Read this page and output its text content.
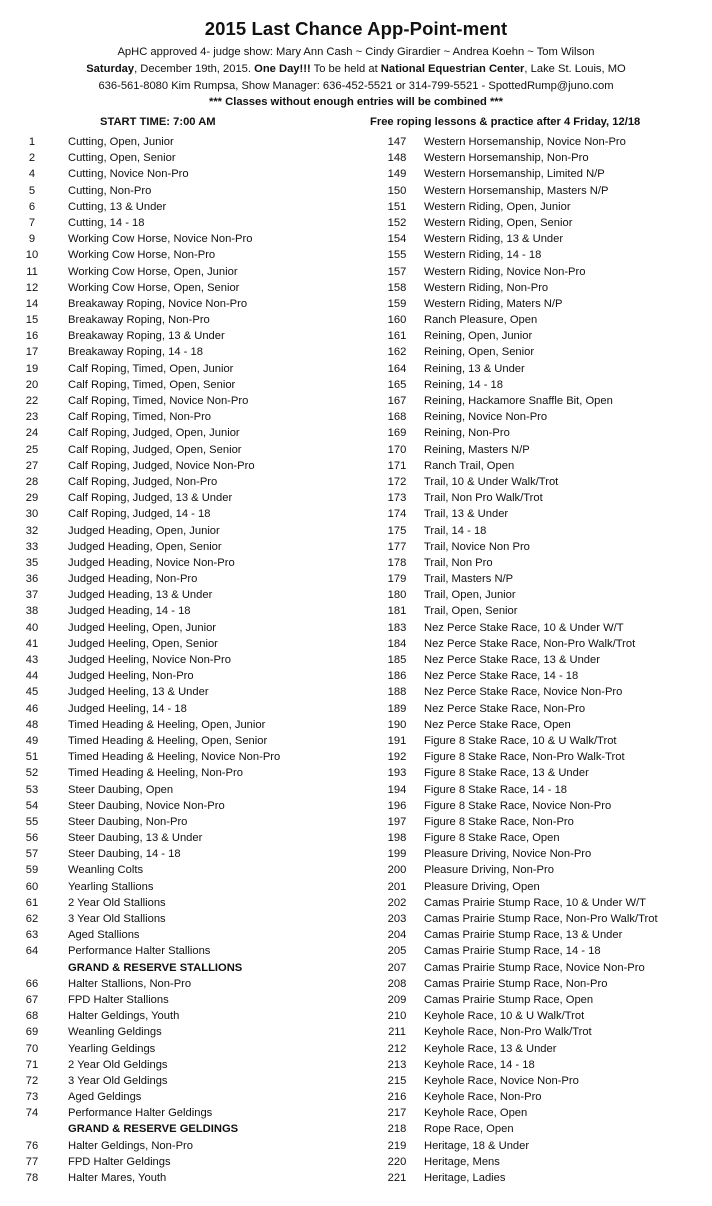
2015 Last Chance App-Point-ment
ApHC approved 4- judge show: Mary Ann Cash ~ Cindy Girardier ~ Andrea Koehn ~ Tom Wilson
Saturday, December 19th, 2015. One Day!!! To be held at National Equestrian Center, Lake St. Louis, MO
636-561-8080 Kim Rumpsa, Show Manager: 636-452-5521 or 314-799-5521 - SpottedRump@juno.com
*** Classes without enough entries will be combined ***
START TIME: 7:00 AM	Free roping lessons & practice after 4 Friday, 12/18
1	Cutting, Open, Junior
2	Cutting, Open, Senior
4	Cutting, Novice Non-Pro
5	Cutting, Non-Pro
6	Cutting, 13 & Under
7	Cutting, 14 - 18
9	Working Cow Horse, Novice Non-Pro
10	Working Cow Horse, Non-Pro
11	Working Cow Horse, Open, Junior
12	Working Cow Horse, Open, Senior
14	Breakaway Roping, Novice Non-Pro
15	Breakaway Roping, Non-Pro
16	Breakaway Roping, 13 & Under
17	Breakaway Roping, 14 - 18
19	Calf Roping, Timed, Open, Junior
20	Calf Roping, Timed, Open, Senior
22	Calf Roping, Timed, Novice Non-Pro
23	Calf Roping, Timed, Non-Pro
24	Calf Roping, Judged, Open, Junior
25	Calf Roping, Judged, Open, Senior
27	Calf Roping, Judged, Novice Non-Pro
28	Calf Roping, Judged, Non-Pro
29	Calf Roping, Judged, 13 & Under
30	Calf Roping, Judged, 14 - 18
32	Judged Heading, Open, Junior
33	Judged Heading, Open, Senior
35	Judged Heading, Novice Non-Pro
36	Judged Heading, Non-Pro
37	Judged Heading, 13 & Under
38	Judged Heading, 14 - 18
40	Judged Heeling, Open, Junior
41	Judged Heeling, Open, Senior
43	Judged Heeling, Novice Non-Pro
44	Judged Heeling, Non-Pro
45	Judged Heeling, 13 & Under
46	Judged Heeling, 14 - 18
48	Timed Heading & Heeling, Open, Junior
49	Timed Heading & Heeling, Open, Senior
51	Timed Heading & Heeling, Novice Non-Pro
52	Timed Heading & Heeling, Non-Pro
53	Steer Daubing, Open
54	Steer Daubing, Novice Non-Pro
55	Steer Daubing, Non-Pro
56	Steer Daubing, 13 & Under
57	Steer Daubing, 14 - 18
59	Weanling Colts
60	Yearling Stallions
61	2 Year Old Stallions
62	3 Year Old Stallions
63	Aged Stallions
64	Performance Halter Stallions
GRAND & RESERVE STALLIONS
66	Halter Stallions, Non-Pro
67	FPD Halter Stallions
68	Halter Geldings, Youth
69	Weanling Geldings
70	Yearling Geldings
71	2 Year Old Geldings
72	3 Year Old Geldings
73	Aged Geldings
74	Performance Halter Geldings
GRAND & RESERVE GELDINGS
76	Halter Geldings, Non-Pro
77	FPD Halter Geldings
78	Halter Mares, Youth
147	Western Horsemanship, Novice Non-Pro
148	Western Horsemanship, Non-Pro
149	Western Horsemanship, Limited N/P
150	Western Horsemanship, Masters N/P
151	Western Riding, Open, Junior
152	Western Riding, Open, Senior
154	Western Riding, 13 & Under
155	Western Riding, 14 - 18
157	Western Riding, Novice Non-Pro
158	Western Riding, Non-Pro
159	Western Riding, Maters N/P
160	Ranch Pleasure, Open
161	Reining, Open, Junior
162	Reining, Open, Senior
164	Reining, 13 & Under
165	Reining, 14 - 18
167	Reining, Hackamore Snaffle Bit, Open
168	Reining, Novice Non-Pro
169	Reining, Non-Pro
170	Reining, Masters N/P
171	Ranch Trail, Open
172	Trail, 10 & Under Walk/Trot
173	Trail, Non Pro Walk/Trot
174	Trail, 13 & Under
175	Trail, 14 - 18
177	Trail, Novice Non Pro
178	Trail, Non Pro
179	Trail, Masters N/P
180	Trail, Open, Junior
181	Trail, Open, Senior
183	Nez Perce Stake Race, 10 & Under W/T
184	Nez Perce Stake Race, Non-Pro Walk/Trot
185	Nez Perce Stake Race, 13 & Under
186	Nez Perce Stake Race, 14 - 18
188	Nez Perce Stake Race, Novice Non-Pro
189	Nez Perce Stake Race, Non-Pro
190	Nez Perce Stake Race, Open
191	Figure 8 Stake Race, 10 & U Walk/Trot
192	Figure 8 Stake Race, Non-Pro Walk-Trot
193	Figure 8 Stake Race, 13 & Under
194	Figure 8 Stake Race, 14 - 18
196	Figure 8 Stake Race, Novice Non-Pro
197	Figure 8 Stake Race, Non-Pro
198	Figure 8 Stake Race, Open
199	Pleasure Driving, Novice Non-Pro
200	Pleasure Driving, Non-Pro
201	Pleasure Driving, Open
202	Camas Prairie Stump Race, 10 & Under W/T
203	Camas Prairie Stump Race, Non-Pro Walk/Trot
204	Camas Prairie Stump Race, 13 & Under
205	Camas Prairie Stump Race, 14 - 18
207	Camas Prairie Stump Race, Novice Non-Pro
208	Camas Prairie Stump Race, Non-Pro
209	Camas Prairie Stump Race, Open
210	Keyhole Race, 10 & U Walk/Trot
211	Keyhole Race, Non-Pro Walk/Trot
212	Keyhole Race, 13 & Under
213	Keyhole Race, 14 - 18
215	Keyhole Race, Novice Non-Pro
216	Keyhole Race, Non-Pro
217	Keyhole Race, Open
218	Rope Race, Open
219	Heritage, 18 & Under
220	Heritage, Mens
221	Heritage, Ladies
